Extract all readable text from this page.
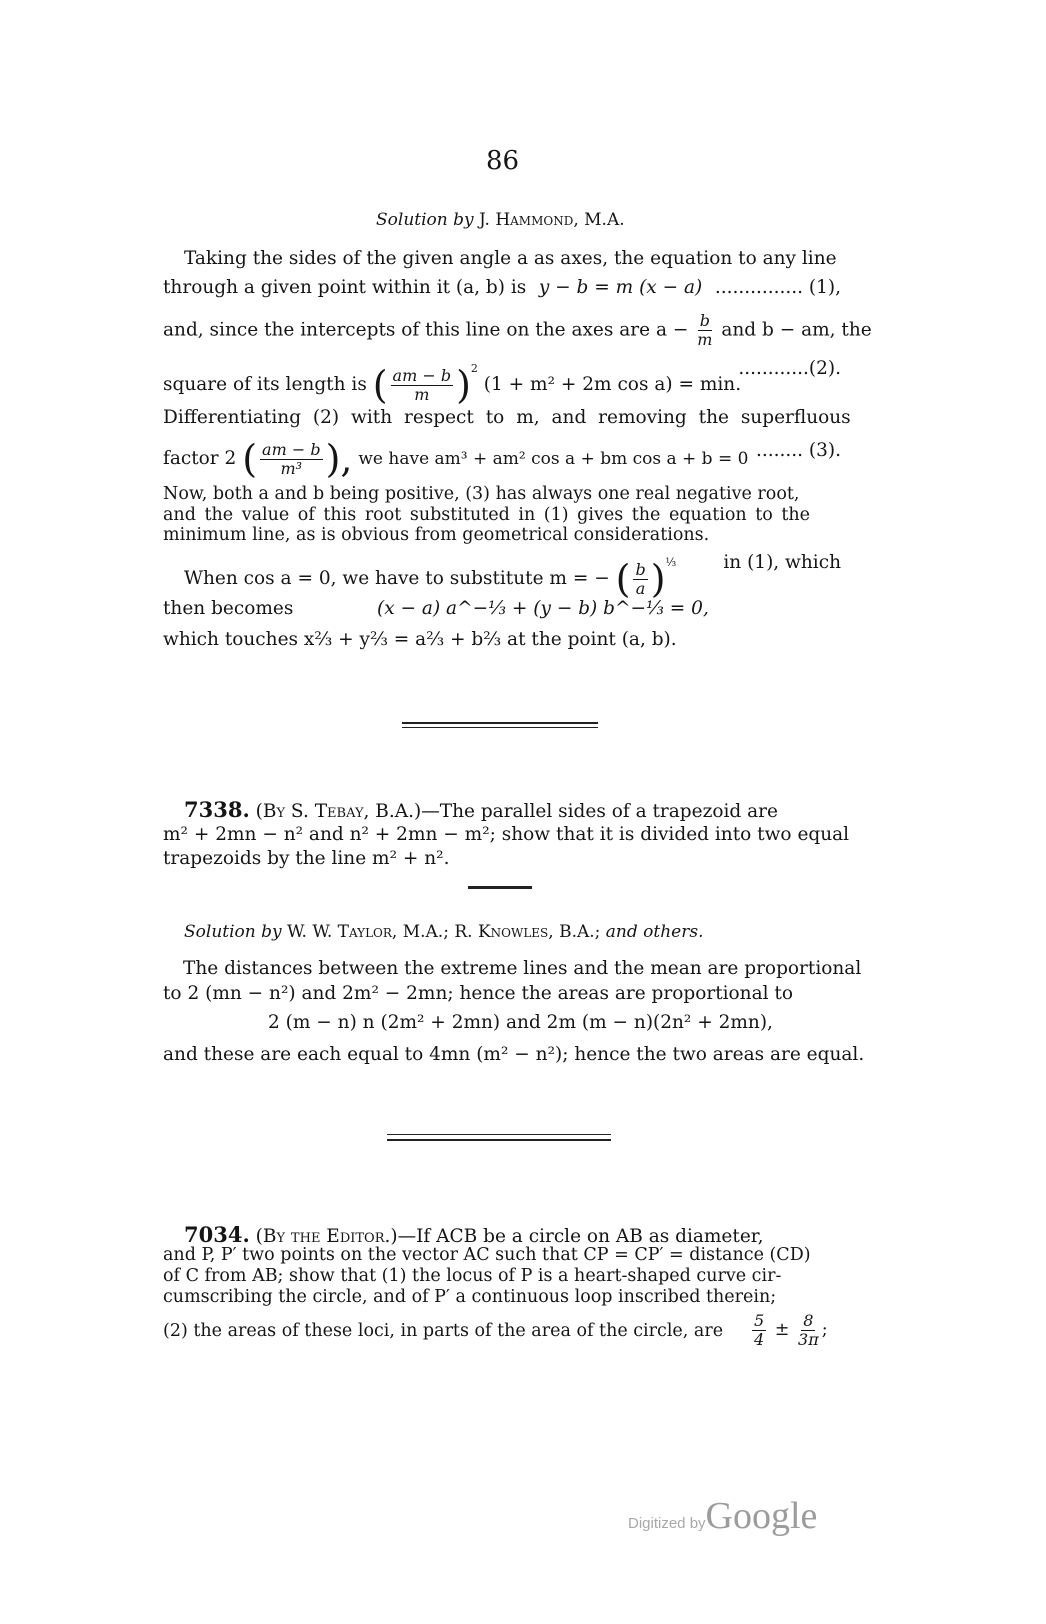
86
Solution by J. Hammond, M.A.
Taking the sides of the given angle a as axes, the equation to any line
through a given point within it (a, b) is y − b = m (x − a) ............... (1),
and, since the intercepts of this line on the axes are $a - \frac{b}{m}$ and b − am, the
square of its length is ( $\frac{am - b}{m} )^2$ (1 + m² + 2m cos a) = min.
............(2).
Differentiating (2) with respect to m, and removing the superfluous
factor 2 ( $\frac{am - b}{\text{m³}}$ ), we have am³ + am² cos a + bm cos a + b = 0 ........ (3).
Now, both a and b being positive, (3) has always one real negative root,
and the value of this root substituted in (1) gives the equation to the
minimum line, as is obvious from geometrical considerations.
When cos a = 0, we have to substitute m = − ( $\frac{b}{a} )^{\frac{1}{3}}$	in (1), which
then becomes	(x − a) a^−⅓ + (y − b) b^−⅓ = 0,
which touches x⅔ + y⅔ = a⅔ + b⅔ at the point (a, b).
7338. (By S. Tebay, B.A.)—The parallel sides of a trapezoid are
m² + 2mn − n² and n² + 2mn − m²; show that it is divided into two equal
trapezoids by the line m² + n².
Solution by W. W. Taylor, M.A.; R. Knowles, B.A.; and others.
The distances between the extreme lines and the mean are proportional
to 2 (mn − n²) and 2m² − 2mn; hence the areas are proportional to
2 (m − n) n (2m² + 2mn) and 2m (m − n)(2n² + 2mn),
and these are each equal to 4mn (m² − n²); hence the two areas are equal.
7034. (By the Editor.)—If ACB be a circle on AB as diameter,
and P, P′ two points on the vector AC such that CP = CP′ = distance (CD)
of C from AB; show that (1) the locus of P is a heart-shaped curve cir-
cumscribing the circle, and of P′ a continuous loop inscribed therein;
(2) the areas of these loci, in parts of the area of the circle, are $\frac{5}{4} \pm \frac{8}{3\pi}$ ;
Digitized byGoogle
